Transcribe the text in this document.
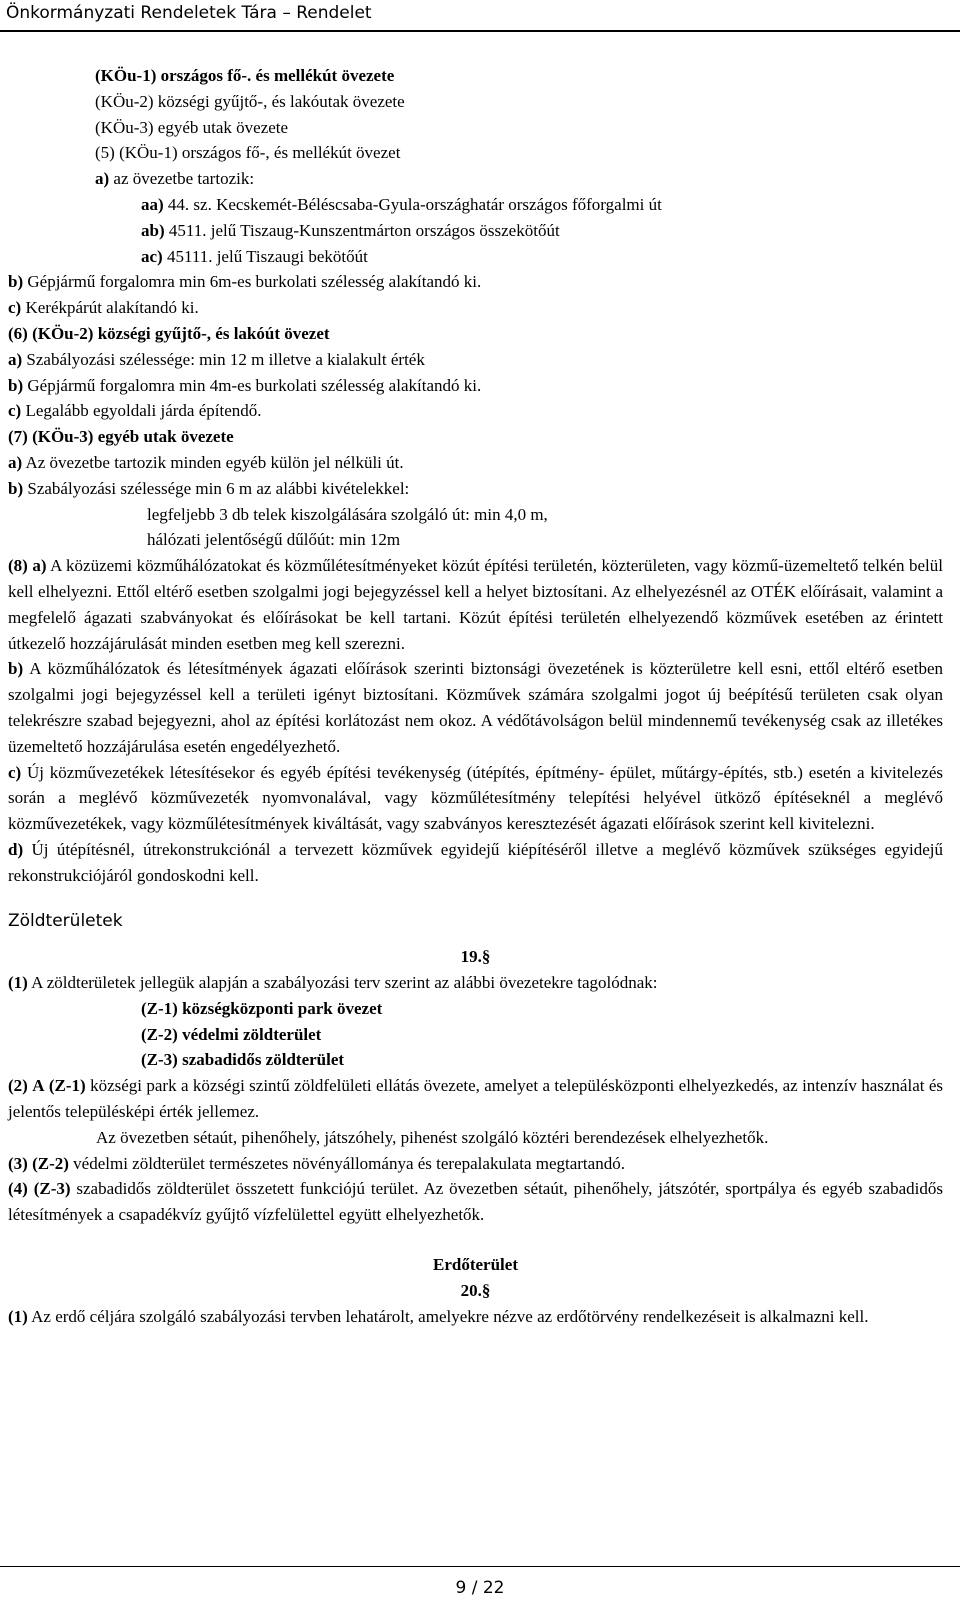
Önkormányzati Rendeletek Tára – Rendelet

(KÖu-1) országos fő-. és mellékút övezete

(KÖu-2) községi gyűjtő-, és lakóutak övezete

(KÖu-3) egyéb utak övezete

(5) (KÖu-1) országos fő-, és mellékút övezet

a) az övezetbe tartozik:

aa) 44. sz. Kecskemét-Béléscsaba-Gyula-országhatár országos főforgalmi út

ab) 4511. jelű Tiszaug-Kunszentmárton országos összekötőút

ac) 45111. jelű Tiszaugi bekötőút

b) Gépjármű forgalomra min 6m-es burkolati szélesség alakítandó ki.

c) Kerékpárút alakítandó ki.

(6) (KÖu-2) községi gyűjtő-, és lakóút övezet

a) Szabályozási szélessége: min 12 m illetve a kialakult érték

b) Gépjármű forgalomra min 4m-es burkolati szélesség alakítandó ki.

c) Legalább egyoldali járda építendő.

(7) (KÖu-3) egyéb utak övezete

a) Az övezetbe tartozik minden egyéb külön jel nélküli út.

b) Szabályozási szélessége min 6 m az alábbi kivételekkel:

legfeljebb 3 db telek kiszolgálására szolgáló út: min 4,0 m,

hálózati jelentőségű dűlőút: min 12m

(8) a) A közüzemi közműhálózatokat és közműlétesítményeket közút építési területén, közterületen, vagy közmű-üzemeltető telkén belül kell elhelyezni. Ettől eltérő esetben szolgalmi jogi bejegyzéssel kell a helyet biztosítani. Az elhelyezésnél az OTÉK előírásait, valamint a megfelelő ágazati szabványokat és előírásokat be kell tartani. Közút építési területén elhelyezendő közművek esetében az érintett útkezelő hozzájárulását minden esetben meg kell szerezni.

b) A közműhálózatok és létesítmények ágazati előírások szerinti biztonsági övezetének is közterületre kell esni, ettől eltérő esetben szolgalmi jogi bejegyzéssel kell a területi igényt biztosítani. Közművek számára szolgalmi jogot új beépítésű területen csak olyan telekrészre szabad bejegyezni, ahol az építési korlátozást nem okoz. A védőtávolságon belül mindennemű tevékenység csak az illetékes üzemeltető hozzájárulása esetén engedélyezhető.

c) Új közművezetékek létesítésekor és egyéb építési tevékenység (útépítés, építmény- épület, műtárgy-építés, stb.) esetén a kivitelezés során a meglévő közművezeték nyomvonalával, vagy közműlétesítmény telepítési helyével ütköző építéseknél a meglévő közművezetékek, vagy közműlétesítmények kiváltását, vagy szabványos keresztezését ágazati előírások szerint kell kivitelezni.

d) Új útépítésnél, útrekonstrukciónál a tervezett közművek egyidejű kiépítéséről illetve a meglévő közművek szükséges egyidejű rekonstrukciójáról gondoskodni kell.

Zöldterületek

19.§

(1) A zöldterületek jellegük alapján a szabályozási terv szerint az alábbi övezetekre tagolódnak:

(Z-1) községközponti park övezet

(Z-2) védelmi zöldterület

(Z-3) szabadidős zöldterület

(2) A (Z-1) községi park a községi szintű zöldfelületi ellátás övezete, amelyet a településközponti elhelyezkedés, az intenzív használat és jelentős településképi érték jellemez.

Az övezetben sétaút, pihenőhely, játszóhely, pihenést szolgáló köztéri berendezések elhelyezhetők.

(3) (Z-2) védelmi zöldterület természetes növényállománya és terepalakulata megtartandó.

(4) (Z-3) szabadidős zöldterület összetett funkciójú terület. Az övezetben sétaút, pihenőhely, játszótér, sportpálya és egyéb szabadidős létesítmények a csapadékvíz gyűjtő vízfelülettel együtt elhelyezhetők.

Erdőterület

20.§

(1) Az erdő céljára szolgáló szabályozási tervben lehatárolt, amelyekre nézve az erdőtörvény rendelkezéseit is alkalmazni kell.

9 / 22
